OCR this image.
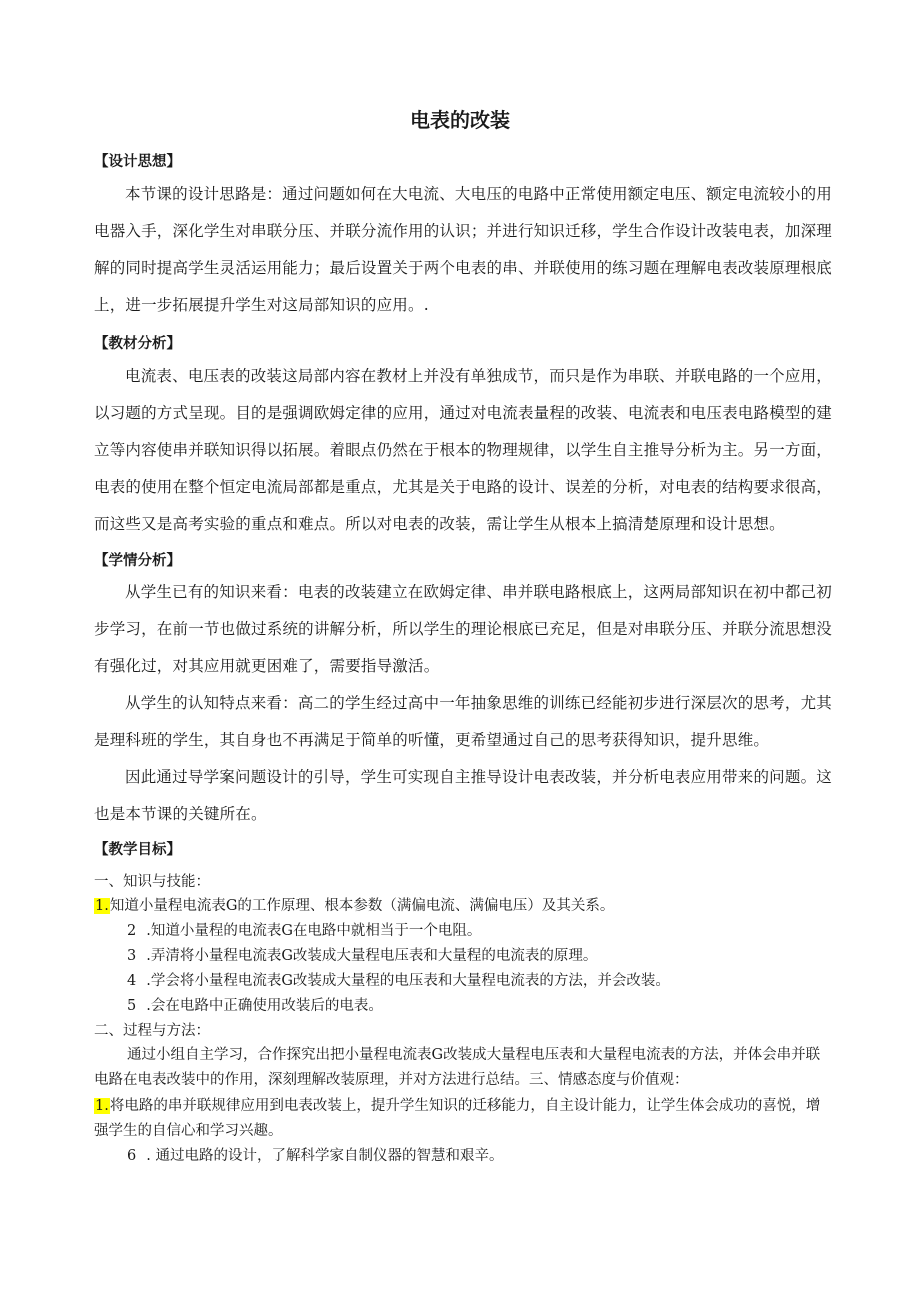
电表的改装
【设计思想】
本节课的设计思路是：通过问题如何在大电流、大电压的电路中正常使用额定电压、额定电流较小的用电器入手，深化学生对串联分压、并联分流作用的认识；并进行知识迁移，学生合作设计改装电表，加深理解的同时提高学生灵活运用能力；最后设置关于两个电表的串、并联使用的练习题在理解电表改装原理根底上，进一步拓展提升学生对这局部知识的应用。.
【教材分析】
电流表、电压表的改装这局部内容在教材上并没有单独成节，而只是作为串联、并联电路的一个应用，以习题的方式呈现。目的是强调欧姆定律的应用，通过对电流表量程的改装、电流表和电压表电路模型的建立等内容使串并联知识得以拓展。着眼点仍然在于根本的物理规律，以学生自主推导分析为主。另一方面，电表的使用在整个恒定电流局部都是重点，尤其是关于电路的设计、误差的分析，对电表的结构要求很高，而这些又是高考实验的重点和难点。所以对电表的改装，需让学生从根本上搞清楚原理和设计思想。
【学情分析】
从学生已有的知识来看：电表的改装建立在欧姆定律、串并联电路根底上，这两局部知识在初中都己初步学习，在前一节也做过系统的讲解分析，所以学生的理论根底已充足，但是对串联分压、并联分流思想没有强化过，对其应用就更困难了，需要指导激活。
从学生的认知特点来看：高二的学生经过高中一年抽象思维的训练已经能初步进行深层次的思考，尤其是理科班的学生，其自身也不再满足于简单的听懂，更希望通过自己的思考获得知识，提升思维。
因此通过导学案问题设计的引导，学生可实现自主推导设计电表改装，并分析电表应用带来的问题。这也是本节课的关键所在。
【教学目标】
一、知识与技能：
1.知道小量程电流表G的工作原理、根本参数（满偏电流、满偏电压）及其关系。
2 .知道小量程的电流表G在电路中就相当于一个电阻。
3 .弄清将小量程电流表G改装成大量程电压表和大量程的电流表的原理。
4 .学会将小量程电流表G改装成大量程的电压表和大量程电流表的方法，并会改装。
5 .会在电路中正确使用改装后的电表。
二、过程与方法：
通过小组自主学习，合作探究出把小量程电流表G改装成大量程电压表和大量程电流表的方法，并体会串并联电路在电表改装中的作用，深刻理解改装原理，并对方法进行总结。三、情感态度与价值观：
1.将电路的串并联规律应用到电表改装上，提升学生知识的迁移能力，自主设计能力，让学生体会成功的喜悦，增强学生的自信心和学习兴趣。
6 . 通过电路的设计，了解科学家自制仪器的智慧和艰辛。
